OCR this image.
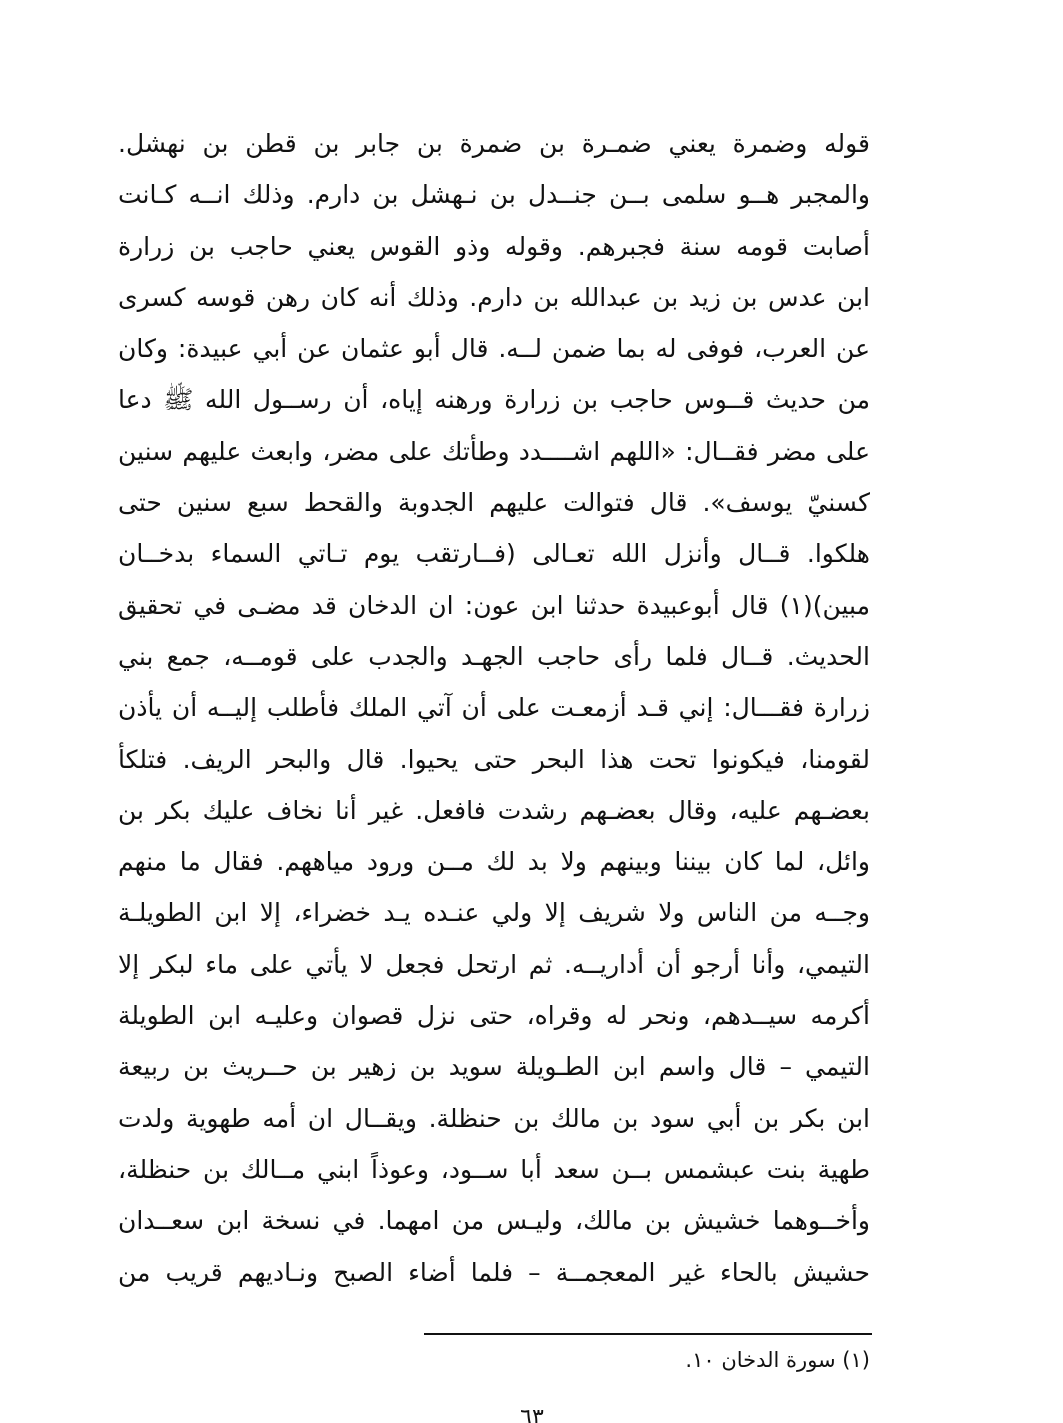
قوله وضمرة يعني ضمـرة بن ضمرة بن جابر بن قطن بن نهشل.
والمجبر هــو سلمى بــن جنــدل بن نـهشل بن دارم. وذلك انــه كـانت
أصابت قومه سنة فجبرهم. وقوله وذو القوس يعني حاجب بن زرارة
ابن عدس بن زيد بن عبدالله بن دارم. وذلك أنه كان رهن قوسه كسرى
عن العرب، فوفى له بما ضمن لــه. قال أبو عثمان عن أبي عبيدة: وكان
من حديث قــوس حاجب بن زرارة ورهنه إياه، أن رســول الله ﷺ دعا
على مضر فقــال: «اللهم اشــــدد وطأتك على مضر، وابعث عليهم سنين
كسنيّ يوسف». قال فتوالت عليهم الجدوبة والقحط سبع سنين حتى
هلكوا. قــال وأنزل الله تعـالى (فــارتقب يوم تـاتي السماء بدخــان
مبين)(١) قال أبوعبيدة حدثنا ابن عون: ان الدخان قد مضـى في تحقيق
الحديث. قــال فلما رأى حاجب الجهـد والجدب على قومــه، جمع بني
زرارة فقـــال: إني قـد أزمعـت على أن آتي الملك فأطلب إليــه أن يأذن
لقومنا، فيكونوا تحت هذا البحر حتى يحيوا. قال والبحر الريف. فتلكأ
بعضـهم عليه، وقال بعضـهم رشدت فافعل. غير أنا نخاف عليك بكر بن
وائل، لما كان بيننا وبينهم ولا بد لك مــن ورود مياههم. فقال ما منهم
وجــه من الناس ولا شريف إلا ولي عنـده يـد خضراء، إلا ابن الطويلـة
التيمي، وأنا أرجو أن أداريــه. ثم ارتحل فجعل لا يأتي على ماء لبكر إلا
أكرمه سيــدهم، ونحر له وقراه، حتى نزل قصوان وعليـه ابن الطويلة
التيمي – قال واسم ابن الطـويلة سويد بن زهير بن حــريث بن ربيعة
ابن بكر بن أبي سود بن مالك بن حنظلة. ويقــال ان أمه طهوية ولدت
طهية بنت عبشمس بــن سعد أبا ســود، وعوذاً ابني مــالك بن حنظلة،
وأخــوهما خشيش بن مالك، وليـس من امهما. في نسخة ابن سعــدان
حشيش بالحاء غير المعجمــة – فلما أضاء الصبح ونـاديهم قريب من
(١) سورة الدخان ١٠.
٦٣
